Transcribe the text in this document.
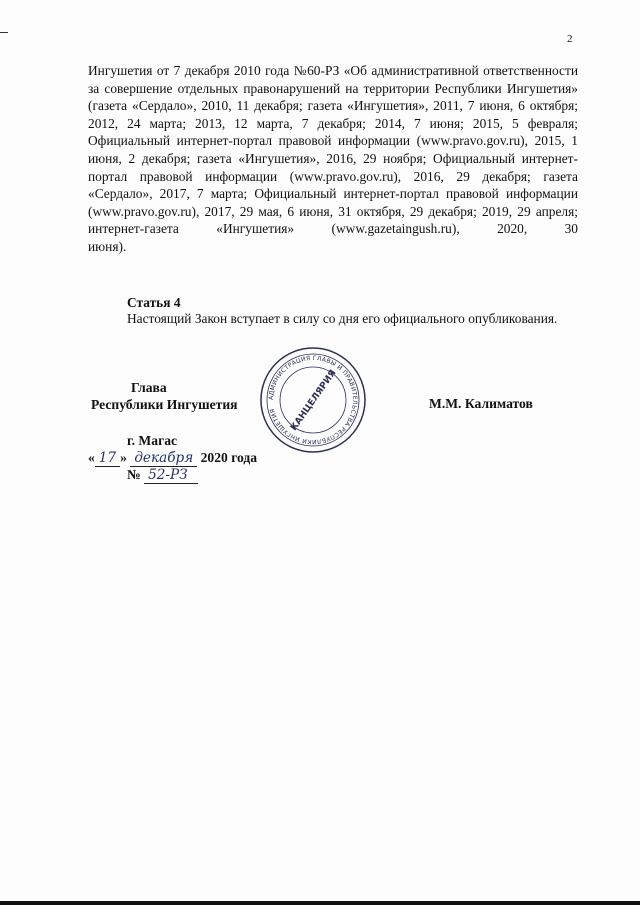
2
Ингушетия от 7 декабря 2010 года №60-РЗ «Об административной ответственности за совершение отдельных правонарушений на территории Республики Ингушетия» (газета «Сердало», 2010, 11 декабря; газета «Ингушетия», 2011, 7 июня, 6 октября; 2012, 24 марта; 2013, 12 марта, 7 декабря; 2014, 7 июня; 2015, 5 февраля; Официальный интернет-портал правовой информации (www.pravo.gov.ru), 2015, 1 июня, 2 декабря; газета «Ингушетия», 2016, 29 ноября; Официальный интернет-портал правовой информации (www.pravo.gov.ru), 2016, 29 декабря; газета «Сердало», 2017, 7 марта; Официальный интернет-портал правовой информации (www.pravo.gov.ru), 2017, 29 мая, 6 июня, 31 октября, 29 декабря; 2019, 29 апреля; интернет-газета «Ингушетия» (www.gazetaingush.ru), 2020, 30
июня).
Статья 4
Настоящий Закон вступает в силу со дня его официального опубликования.
Глава
Республики Ингушетия	М.М. Калиматов
АДМИНИСТРАЦИЯ ГЛАВЫ И ПРАВИТЕЛЬСТВА РЕСПУБЛИКИ ИНГУШЕТИЯ	КАНЦЕЛЯРИЯ
г. Магас
« 17 » декабря 2020 года
№ 52-РЗ
